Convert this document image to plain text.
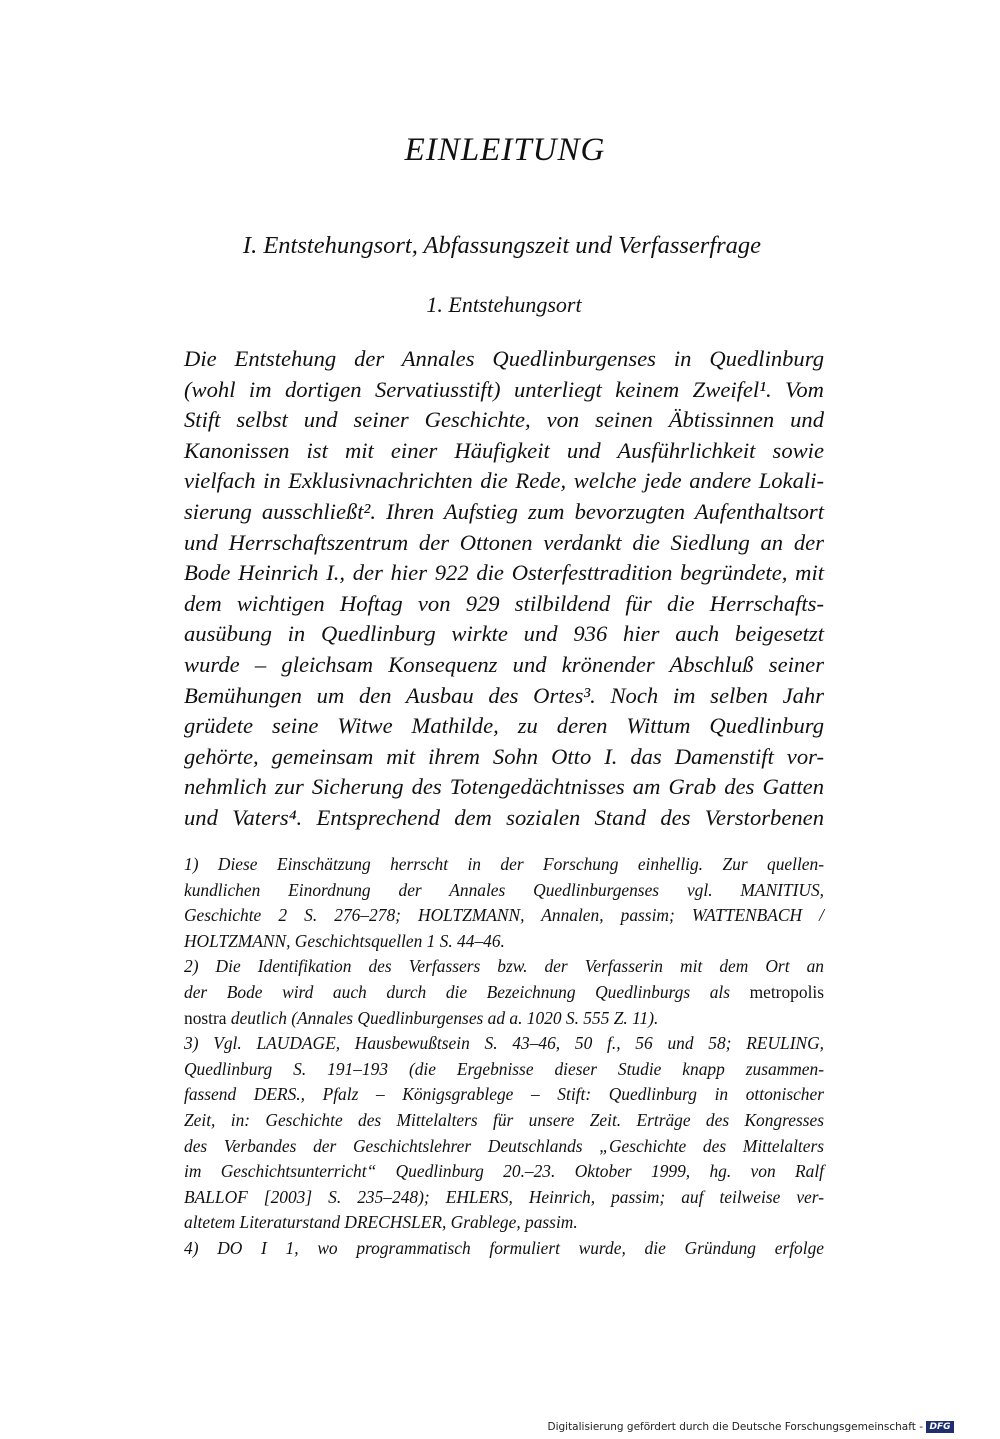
EINLEITUNG
I. Entstehungsort, Abfassungszeit und Verfasserfrage
1. Entstehungsort
Die Entstehung der Annales Quedlinburgenses in Quedlinburg
(wohl im dortigen Servatiusstift) unterliegt keinem Zweifel¹. Vom
Stift selbst und seiner Geschichte, von seinen Äbtissinnen und
Kanonissen ist mit einer Häufigkeit und Ausführlichkeit sowie
vielfach in Exklusivnachrichten die Rede, welche jede andere Lokali-
sierung ausschließt². Ihren Aufstieg zum bevorzugten Aufenthaltsort
und Herrschaftszentrum der Ottonen verdankt die Siedlung an der
Bode Heinrich I., der hier 922 die Osterfesttradition begründete, mit
dem wichtigen Hoftag von 929 stilbildend für die Herrschafts-
ausübung in Quedlinburg wirkte und 936 hier auch beigesetzt
wurde – gleichsam Konsequenz und krönender Abschluß seiner
Bemühungen um den Ausbau des Ortes³. Noch im selben Jahr
grüdete seine Witwe Mathilde, zu deren Wittum Quedlinburg
gehörte, gemeinsam mit ihrem Sohn Otto I. das Damenstift vor-
nehmlich zur Sicherung des Totengedächtnisses am Grab des Gatten
und Vaters⁴. Entsprechend dem sozialen Stand des Verstorbenen
1) Diese Einschätzung herrscht in der Forschung einhellig. Zur quellen-
kundlichen Einordnung der Annales Quedlinburgenses vgl. MANITIUS,
Geschichte 2 S. 276–278; HOLTZMANN, Annalen, passim; WATTENBACH /
HOLTZMANN, Geschichtsquellen 1 S. 44–46.
2) Die Identifikation des Verfassers bzw. der Verfasserin mit dem Ort an
der Bode wird auch durch die Bezeichnung Quedlinburgs als metropolis
nostra deutlich (Annales Quedlinburgenses ad a. 1020 S. 555 Z. 11).
3) Vgl. LAUDAGE, Hausbewußtsein S. 43–46, 50 f., 56 und 58; REULING,
Quedlinburg S. 191–193 (die Ergebnisse dieser Studie knapp zusammen-
fassend DERS., Pfalz – Königsgrablege – Stift: Quedlinburg in ottonischer
Zeit, in: Geschichte des Mittelalters für unsere Zeit. Erträge des Kongresses
des Verbandes der Geschichtslehrer Deutschlands „Geschichte des Mittelalters
im Geschichtsunterricht“ Quedlinburg 20.–23. Oktober 1999, hg. von Ralf
BALLOF [2003] S. 235–248); EHLERS, Heinrich, passim; auf teilweise ver-
altetem Literaturstand DRECHSLER, Grablege, passim.
4) DO I 1, wo programmatisch formuliert wurde, die Gründung erfolge
Digitalisierung gefördert durch die Deutsche Forschungsgemeinschaft - DFG
